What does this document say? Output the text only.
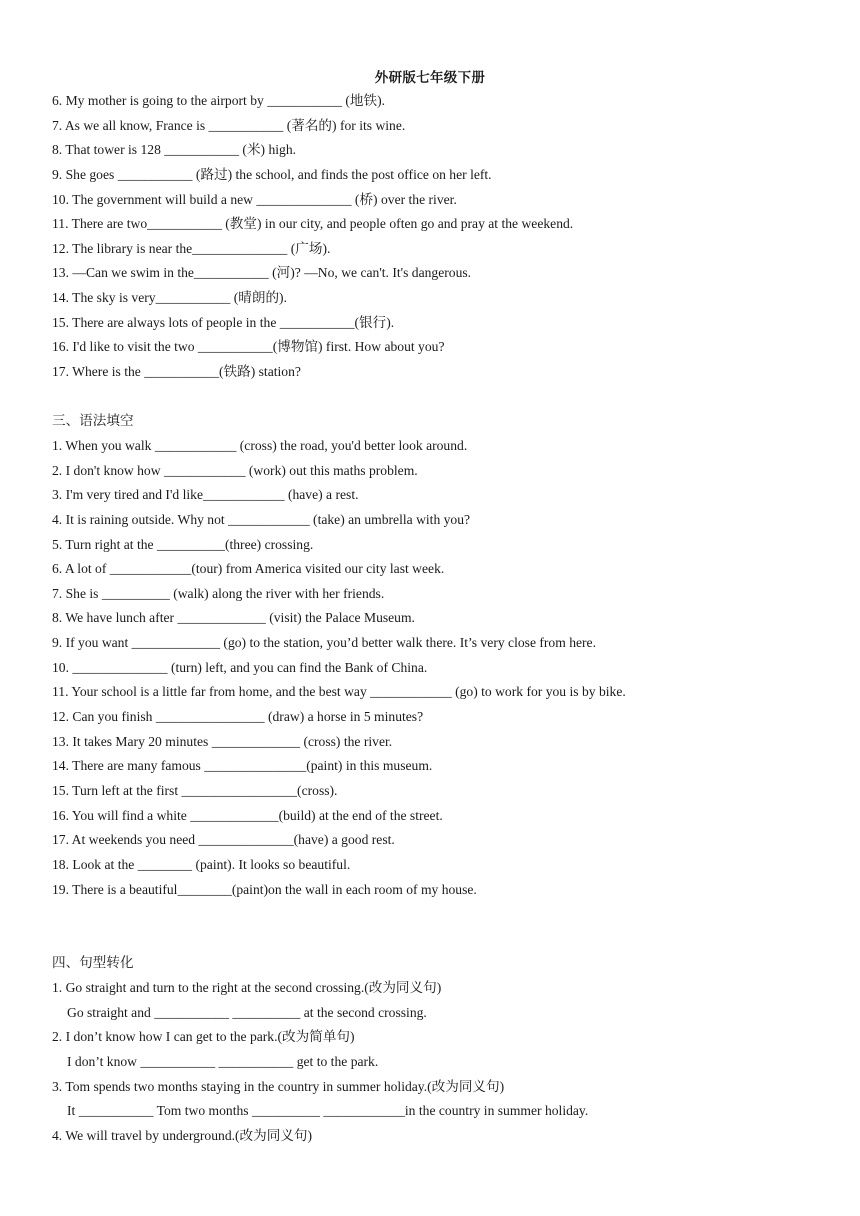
外研版七年级下册
6. My mother is going to the airport by ___________ (地铁).
7. As we all know, France is ___________ (著名的) for its wine.
8. That tower is 128 ___________ (米) high.
9. She goes ___________ (路过) the school, and finds the post office on her left.
10. The government will build a new ______________ (桥) over the river.
11. There are two___________ (教堂) in our city, and people often go and pray at the weekend.
12. The library is near the______________ (广场).
13. —Can we swim in the___________ (河)? —No, we can't. It's dangerous.
14. The sky is very___________ (晴朗的).
15. There are always lots of people in the ___________(银行).
16. I'd like to visit the two ___________(博物馆) first. How about you?
17. Where is the ___________(铁路) station?
三、语法填空
1. When you walk ____________ (cross) the road, you'd better look around.
2. I don't know how ____________ (work) out this maths problem.
3. I'm very tired and I'd like____________ (have) a rest.
4. It is raining outside. Why not ____________ (take) an umbrella with you?
5. Turn right at the __________(three) crossing.
6. A lot of ____________(tour) from America visited our city last week.
7. She is __________ (walk) along the river with her friends.
8. We have lunch after _____________ (visit) the Palace Museum.
9. If you want _____________ (go) to the station, you’d better walk there. It’s very close from here.
10. ______________ (turn) left, and you can find the Bank of China.
11. Your school is a little far from home, and the best way ____________ (go) to work for you is by bike.
12. Can you finish ________________ (draw) a horse in 5 minutes?
13. It takes Mary 20 minutes _____________ (cross) the river.
14. There are many famous _______________(paint) in this museum.
15. Turn left at the first _________________(cross).
16. You will find a white _____________(build) at the end of the street.
17. At weekends you need ______________(have) a good rest.
18. Look at the ________ (paint). It looks so beautiful.
19. There is a beautiful________(paint)on the wall in each room of my house.
四、句型转化
1. Go straight and turn to the right at the second crossing.(改为同义句)
Go straight and ___________ __________ at the second crossing.
2. I don’t know how I can get to the park.(改为简单句)
I don’t know ___________ ___________ get to the park.
3. Tom spends two months staying in the country in summer holiday.(改为同义句)
It ___________ Tom two months __________ ____________in the country in summer holiday.
4. We will travel by underground.(改为同义句)
